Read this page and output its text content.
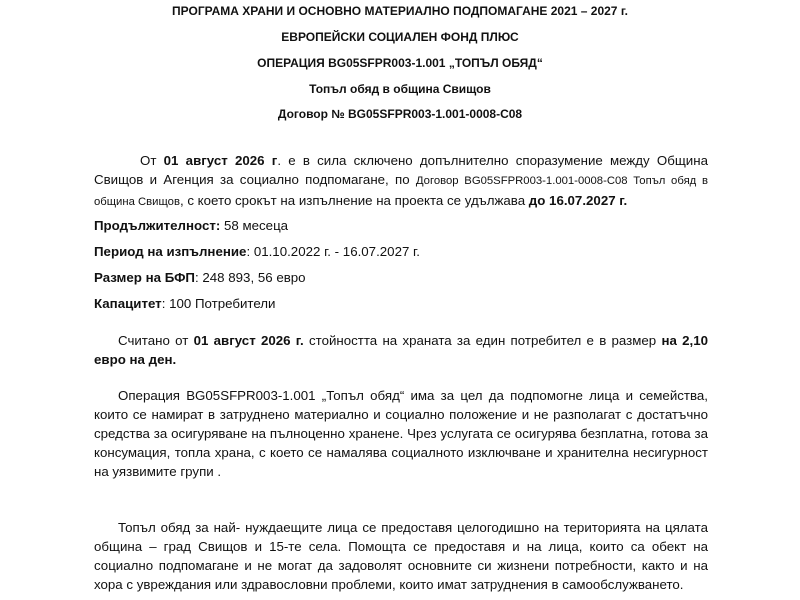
ПРОГРАМА ХРАНИ И ОСНОВНО МАТЕРИАЛНО ПОДПОМАГАНЕ 2021 – 2027 г.
ЕВРОПЕЙСКИ СОЦИАЛЕН ФОНД ПЛЮС
ОПЕРАЦИЯ BG05SFPR003-1.001 „ТОПЪЛ ОБЯД“
Топъл обяд в община Свищов
Договор № BG05SFPR003-1.001-0008-С08

От 01 август 2026 г. е в сила сключено допълнително споразумение между Община Свищов и Агенция за социално подпомагане, по Договор BG05SFPR003-1.001-0008-С08 Топъл обяд в община Свищов, с което срокът на изпълнение на проекта се удължава до 16.07.2027 г.

Продължителност: 58 месеца
Период на изпълнение: 01.10.2022 г. - 16.07.2027 г.
Размер на БФП: 248 893, 56 евро
Капацитет: 100 Потребители

Считано от 01 август 2026 г. стойността на храната за един потребител е в размер на 2,10 евро на ден.

Операция BG05SFPR003-1.001 „Топъл обяд“ има за цел да подпомогне лица и семейства, които се намират в затруднено материално и социално положение и не разполагат с достатъчно средства за осигуряване на пълноценно хранене. Чрез услугата се осигурява безплатна, готова за консумация, топла храна, с което се намалява социалното изключване и хранителна несигурност на уязвимите групи .

Топъл обяд за най- нуждаещите лица се предоставя целогодишно на територията на цялата община – град Свищов и 15-те села. Помощта се предоставя и на лица, които са обект на социално подпомагане и не могат да задоволят основните си жизнени потребности, както и на хора с увреждания или здравословни проблеми, които имат затруднения в самообслужването.
